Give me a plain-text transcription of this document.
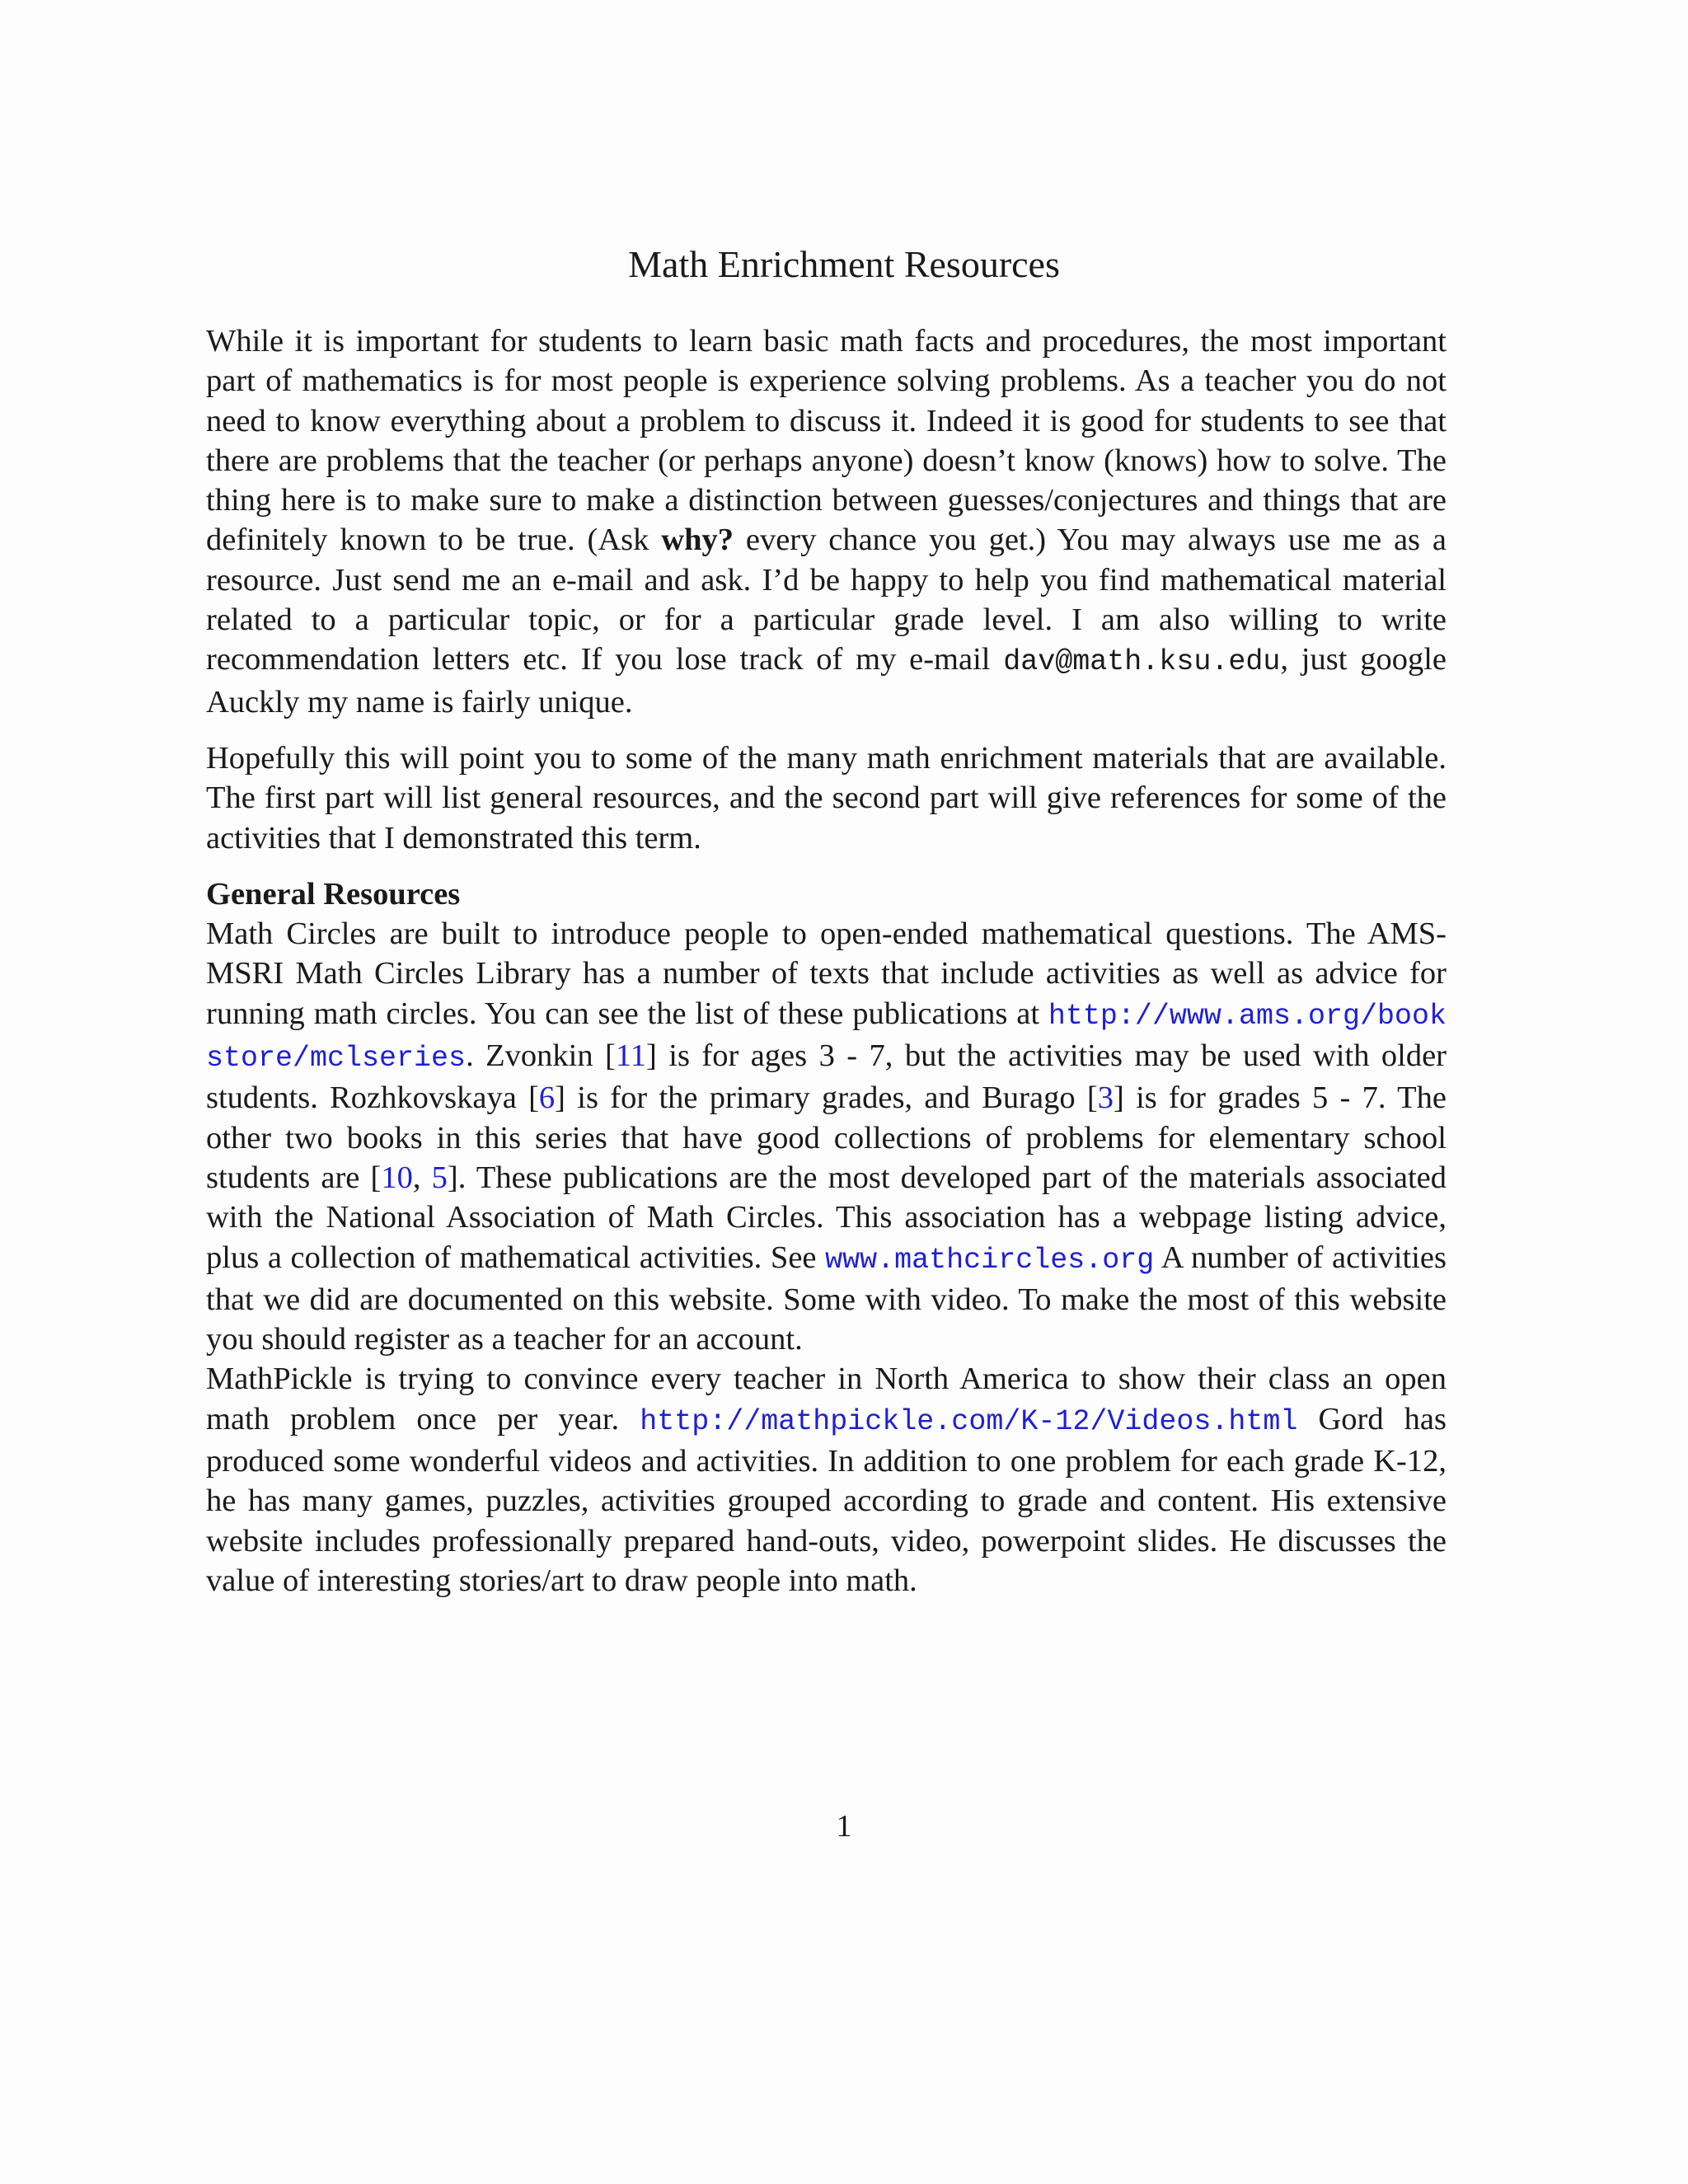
Math Enrichment Resources

While it is important for students to learn basic math facts and procedures, the most important part of mathematics is for most people is experience solving problems. As a teacher you do not need to know everything about a problem to discuss it. Indeed it is good for students to see that there are problems that the teacher (or perhaps anyone) doesn’t know (knows) how to solve. The thing here is to make sure to make a distinction between guesses/conjectures and things that are definitely known to be true. (Ask why? every chance you get.) You may always use me as a resource. Just send me an e-mail and ask. I’d be happy to help you find mathematical material related to a particular topic, or for a particular grade level. I am also willing to write recommendation letters etc. If you lose track of my e-mail dav@math.ksu.edu, just google Auckly my name is fairly unique.

Hopefully this will point you to some of the many math enrichment materials that are available. The first part will list general resources, and the second part will give references for some of the activities that I demonstrated this term.

General Resources

Math Circles are built to introduce people to open-ended mathematical questions. The AMS-MSRI Math Circles Library has a number of texts that include activities as well as advice for running math circles. You can see the list of these publications at http://www.ams.org/bookstore/mclseries. Zvonkin [11] is for ages 3 - 7, but the activities may be used with older students. Rozhkovskaya [6] is for the primary grades, and Burago [3] is for grades 5 - 7. The other two books in this series that have good collections of problems for elementary school students are [10, 5]. These publications are the most developed part of the materials associated with the National Association of Math Circles. This association has a webpage listing advice, plus a collection of mathematical activities. See www.mathcircles.org A number of activities that we did are documented on this website. Some with video. To make the most of this website you should register as a teacher for an account.

MathPickle is trying to convince every teacher in North America to show their class an open math problem once per year. http://mathpickle.com/K-12/Videos.html Gord has produced some wonderful videos and activities. In addition to one problem for each grade K-12, he has many games, puzzles, activities grouped according to grade and content. His extensive website includes professionally prepared hand-outs, video, powerpoint slides. He discusses the value of interesting stories/art to draw people into math.

1
